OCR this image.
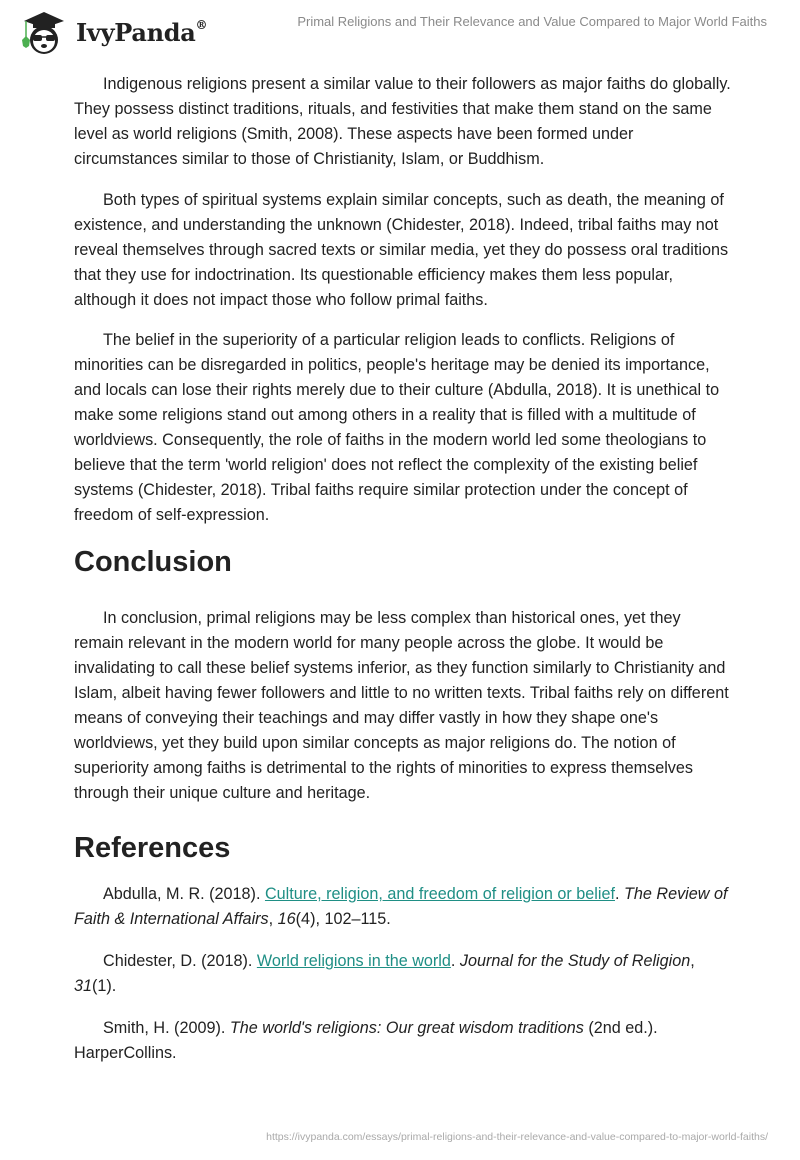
IvyPanda®	Primal Religions and Their Relevance and Value Compared to Major World Faiths

Indigenous religions present a similar value to their followers as major faiths do globally. They possess distinct traditions, rituals, and festivities that make them stand on the same level as world religions (Smith, 2008). These aspects have been formed under circumstances similar to those of Christianity, Islam, or Buddhism.

Both types of spiritual systems explain similar concepts, such as death, the meaning of existence, and understanding the unknown (Chidester, 2018). Indeed, tribal faiths may not reveal themselves through sacred texts or similar media, yet they do possess oral traditions that they use for indoctrination. Its questionable efficiency makes them less popular, although it does not impact those who follow primal faiths.

The belief in the superiority of a particular religion leads to conflicts. Religions of minorities can be disregarded in politics, people's heritage may be denied its importance, and locals can lose their rights merely due to their culture (Abdulla, 2018). It is unethical to make some religions stand out among others in a reality that is filled with a multitude of worldviews. Consequently, the role of faiths in the modern world led some theologians to believe that the term 'world religion' does not reflect the complexity of the existing belief systems (Chidester, 2018). Tribal faiths require similar protection under the concept of freedom of self-expression.

Conclusion

In conclusion, primal religions may be less complex than historical ones, yet they remain relevant in the modern world for many people across the globe. It would be invalidating to call these belief systems inferior, as they function similarly to Christianity and Islam, albeit having fewer followers and little to no written texts. Tribal faiths rely on different means of conveying their teachings and may differ vastly in how they shape one's worldviews, yet they build upon similar concepts as major religions do. The notion of superiority among faiths is detrimental to the rights of minorities to express themselves through their unique culture and heritage.

References

Abdulla, M. R. (2018). Culture, religion, and freedom of religion or belief. The Review of Faith & International Affairs, 16(4), 102–115.

Chidester, D. (2018). World religions in the world. Journal for the Study of Religion, 31(1).

Smith, H. (2009). The world's religions: Our great wisdom traditions (2nd ed.). HarperCollins.

https://ivypanda.com/essays/primal-religions-and-their-relevance-and-value-compared-to-major-world-faiths/
